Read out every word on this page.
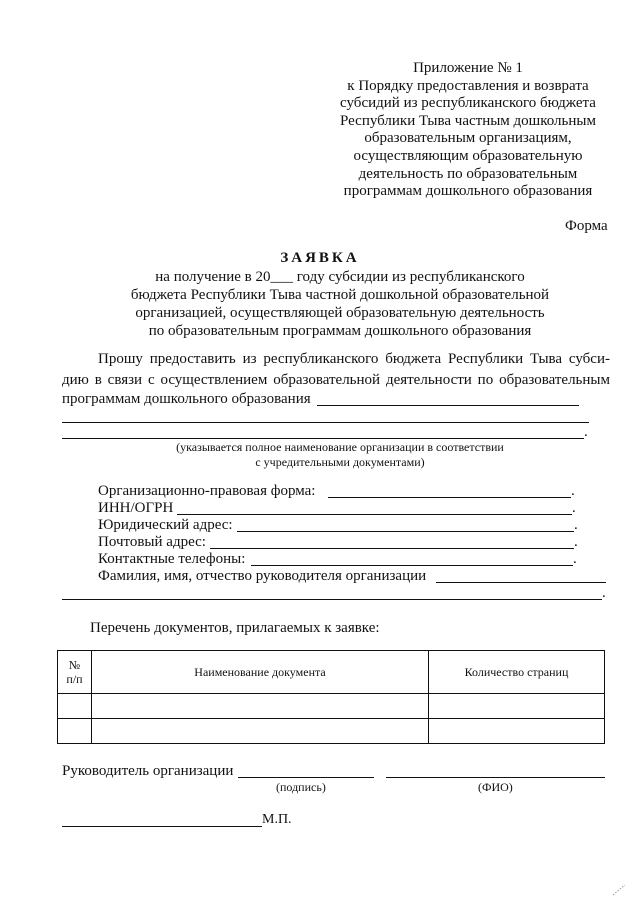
Приложение № 1
к Порядку предоставления и возврата
субсидий из республиканского бюджета
Республики Тыва частным дошкольным
образовательным организациям,
осуществляющим образовательную
деятельность по образовательным
программам дошкольного образования
Форма
ЗАЯВКА
на получение в 20___ году субсидии из республиканского
бюджета Республики Тыва частной дошкольной образовательной
организацией, осуществляющей образовательную деятельность
по образовательным программам дошкольного образования
Прошу предоставить из республиканского бюджета Республики Тыва субси-
дию в связи с осуществлением образовательной деятельности по образовательным
программам дошкольного образования
.
(указывается полное наименование организации в соответствии
с учредительными документами)
Организационно-правовая форма:	.
ИНН/ОГРН	.
Юридический адрес:	.
Почтовый адрес:	.
Контактные телефоны:	.
Фамилия, имя, отчество руководителя организации
.
Перечень документов, прилагаемых к заявке:
№
п/п	Наименование документа	Количество страниц

Руководитель организации
(подпись)	(ФИО)
М.П.
